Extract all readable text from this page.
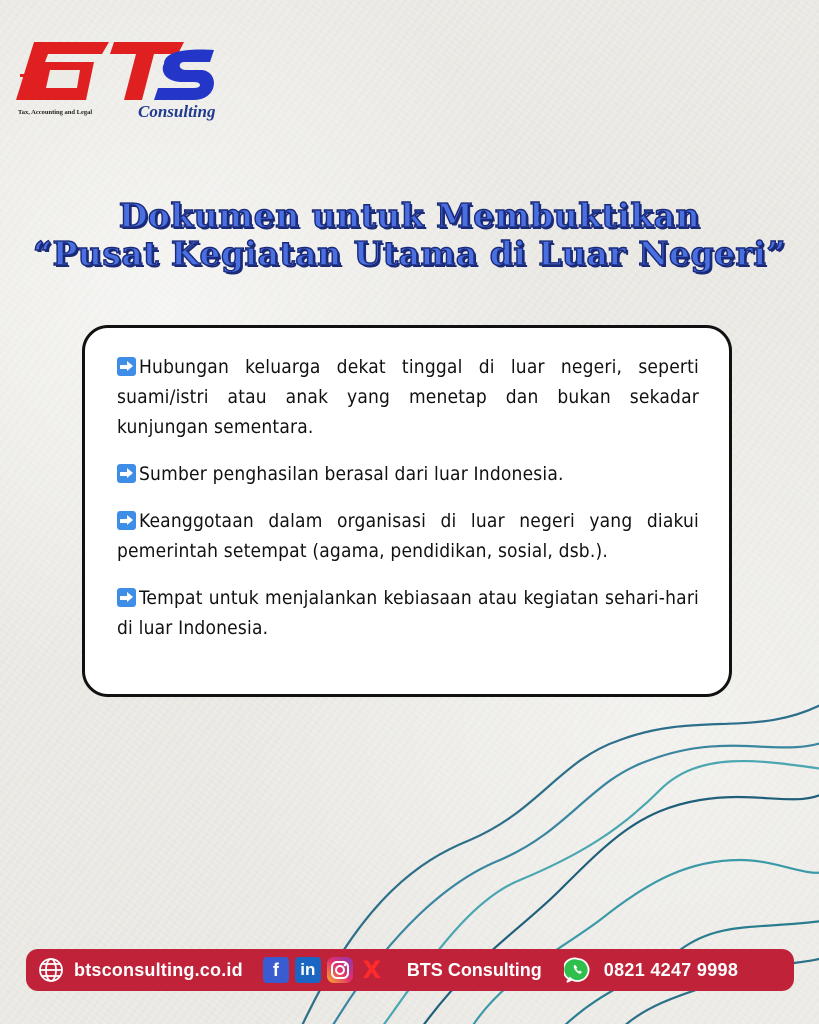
Tax, Accounting and Legal	Consulting
Dokumen untuk Membuktikan
“Pusat Kegiatan Utama di Luar Negeri”
Hubungan keluarga dekat tinggal di luar negeri, seperti suami/istri atau anak yang menetap dan bukan sekadar kunjungan sementara.
Sumber penghasilan berasal dari luar Indonesia.
Keanggotaan dalam organisasi di luar negeri yang diakui pemerintah setempat (agama, pendidikan, sosial, dsb.).
Tempat untuk menjalankan kebiasaan atau kegiatan sehari-hari di luar Indonesia.
btsconsulting.co.id	f	in X BTS Consulting	0821 4247 9998
